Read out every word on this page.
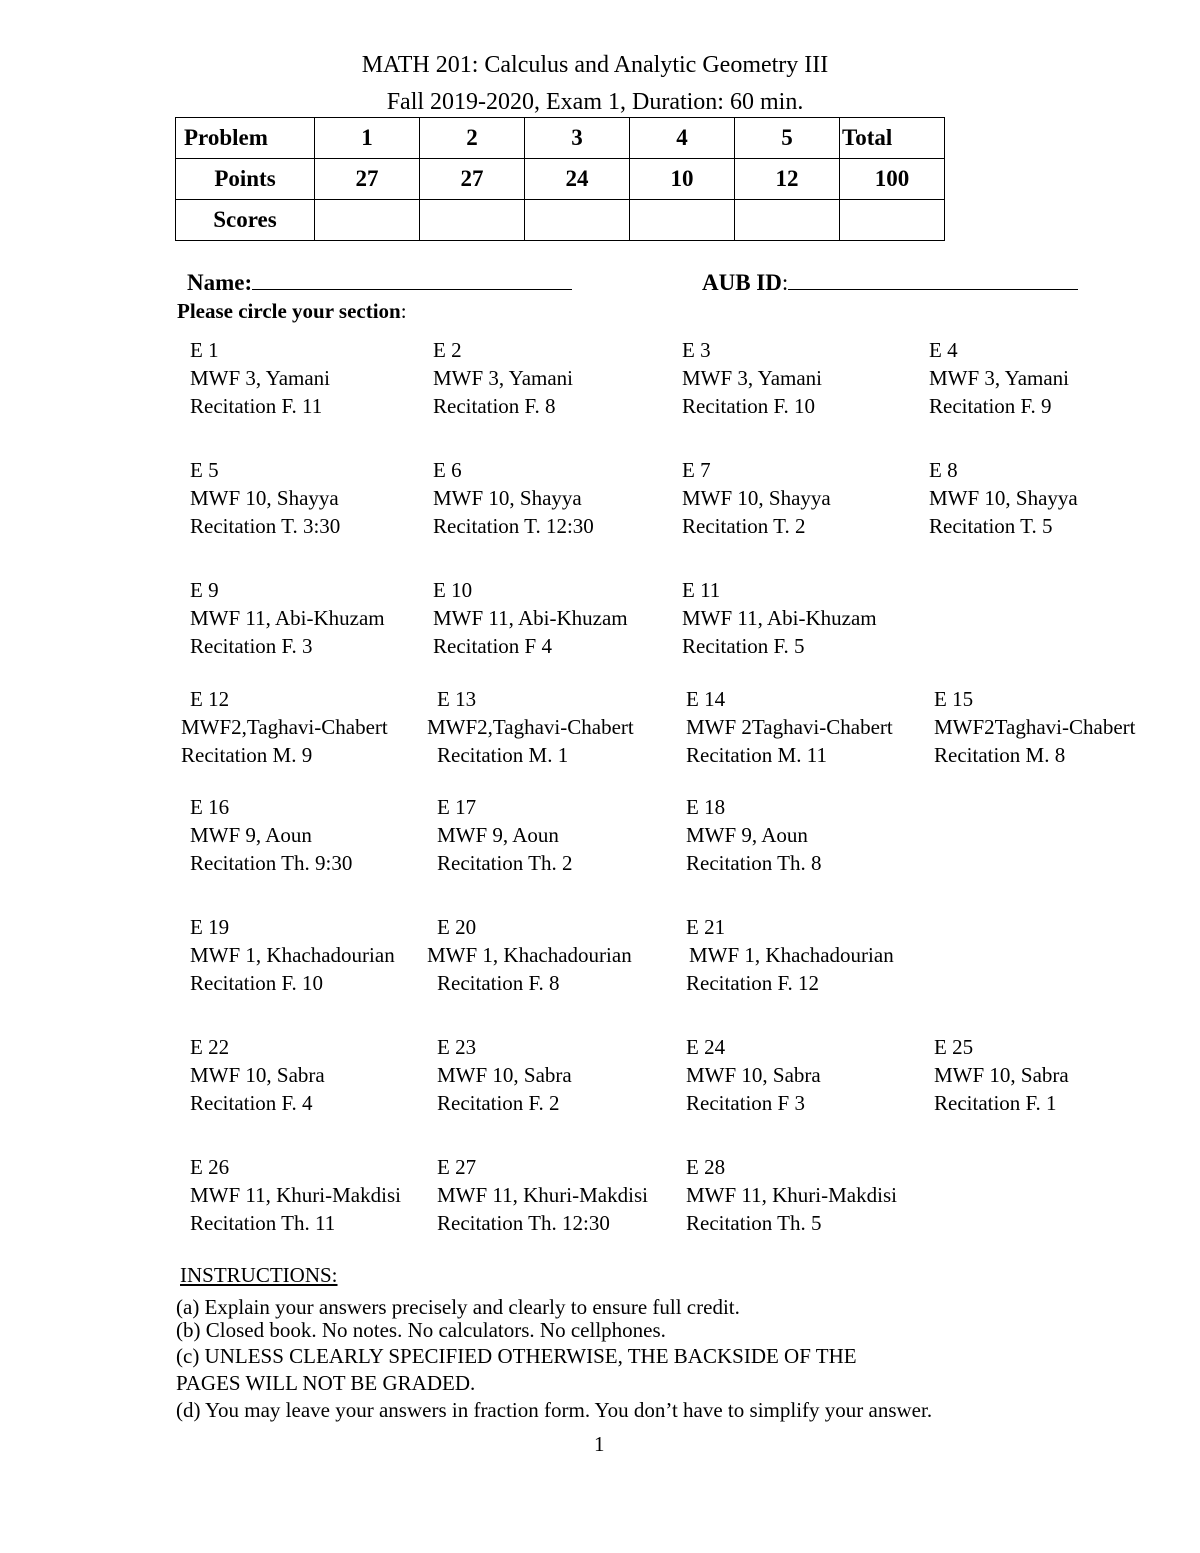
MATH 201: Calculus and Analytic Geometry III
Fall 2019-2020, Exam 1, Duration: 60 min.
Problem	1	2	3	4	5	Total
Points	27	27	24	10	12	100
Scores						
Name:	AUB ID:
Please circle your section:
E 1
MWF 3, Yamani
Recitation F. 11
E 2
MWF 3, Yamani
Recitation F. 8
E 3
MWF 3, Yamani
Recitation F. 10
E 4
MWF 3, Yamani
Recitation F. 9
E 5
MWF 10, Shayya
Recitation T. 3:30
E 6
MWF 10, Shayya
Recitation T. 12:30
E 7
MWF 10, Shayya
Recitation T. 2
E 8
MWF 10, Shayya
Recitation T. 5
E 9
MWF 11, Abi-Khuzam
Recitation F. 3
E 10
MWF 11, Abi-Khuzam
Recitation F 4
E 11
MWF 11, Abi-Khuzam
Recitation F. 5
E 12
MWF2,Taghavi-Chabert
Recitation M. 9
E 13
MWF2,Taghavi-Chabert
Recitation M. 1
E 14
MWF 2Taghavi-Chabert
Recitation M. 11
E 15
MWF2Taghavi-Chabert
Recitation M. 8
E 16
MWF 9, Aoun
Recitation Th. 9:30
E 17
MWF 9, Aoun
Recitation Th. 2
E 18
MWF 9, Aoun
Recitation Th. 8
E 19
MWF 1, Khachadourian
Recitation F. 10
E 20
MWF 1, Khachadourian
Recitation F. 8
E 21
MWF 1, Khachadourian
Recitation F. 12
E 22
MWF 10, Sabra
Recitation F. 4
E 23
MWF 10, Sabra
Recitation F. 2
E 24
MWF 10, Sabra
Recitation F 3
E 25
MWF 10, Sabra
Recitation F. 1
E 26
MWF 11, Khuri-Makdisi
Recitation Th. 11
E 27
MWF 11, Khuri-Makdisi
Recitation Th. 12:30
E 28
MWF 11, Khuri-Makdisi
Recitation Th. 5
INSTRUCTIONS:
(a) Explain your answers precisely and clearly to ensure full credit.
(b) Closed book. No notes. No calculators. No cellphones.
(c) UNLESS CLEARLY SPECIFIED OTHERWISE, THE BACKSIDE OF THE
PAGES WILL NOT BE GRADED.
(d) You may leave your answers in fraction form. You don’t have to simplify your answer.
1
